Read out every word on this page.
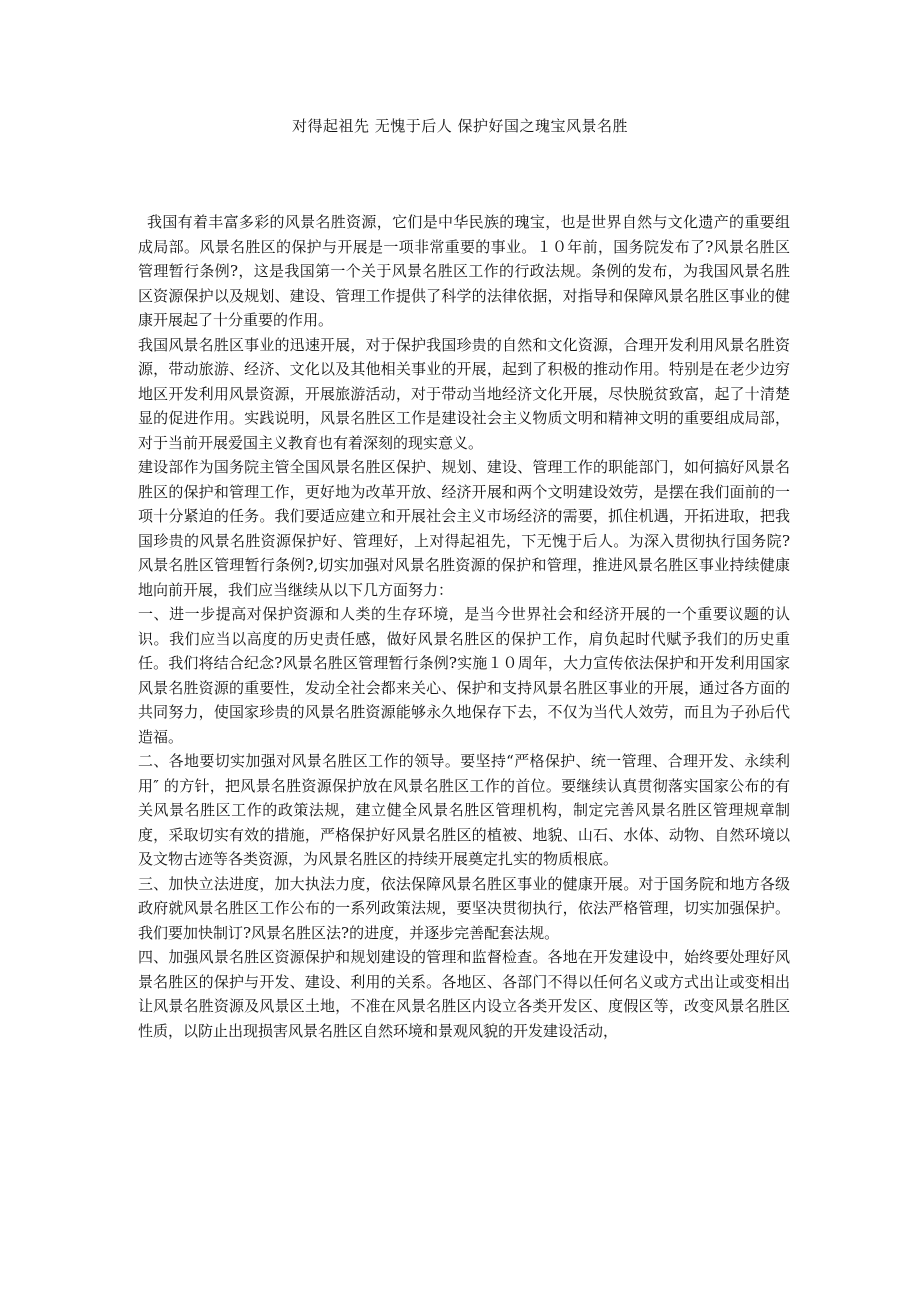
对得起祖先 无愧于后人 保护好国之瑰宝风景名胜

我国有着丰富多彩的风景名胜资源，它们是中华民族的瑰宝，也是世界自然与文化遗产的重要组成局部。风景名胜区的保护与开展是一项非常重要的事业。１０年前，国务院发布了?风景名胜区管理暂行条例?，这是我国第一个关于风景名胜区工作的行政法规。条例的发布，为我国风景名胜区资源保护以及规划、建设、管理工作提供了科学的法律依据，对指导和保障风景名胜区事业的健康开展起了十分重要的作用。

我国风景名胜区事业的迅速开展，对于保护我国珍贵的自然和文化资源，合理开发利用风景名胜资源，带动旅游、经济、文化以及其他相关事业的开展，起到了积极的推动作用。特别是在老少边穷地区开发利用风景资源，开展旅游活动，对于带动当地经济文化开展，尽快脱贫致富，起了十清楚显的促进作用。实践说明，风景名胜区工作是建设社会主义物质文明和精神文明的重要组成局部，对于当前开展爱国主义教育也有着深刻的现实意义。

建设部作为国务院主管全国风景名胜区保护、规划、建设、管理工作的职能部门，如何搞好风景名胜区的保护和管理工作，更好地为改革开放、经济开展和两个文明建设效劳，是摆在我们面前的一项十分紧迫的任务。我们要适应建立和开展社会主义市场经济的需要，抓住机遇，开拓进取，把我国珍贵的风景名胜资源保护好、管理好，上对得起祖先，下无愧于后人。为深入贯彻执行国务院?风景名胜区管理暂行条例?,切实加强对风景名胜资源的保护和管理，推进风景名胜区事业持续健康地向前开展，我们应当继续从以下几方面努力：

一、进一步提高对保护资源和人类的生存环境，是当今世界社会和经济开展的一个重要议题的认识。我们应当以高度的历史责任感，做好风景名胜区的保护工作，肩负起时代赋予我们的历史重任。我们将结合纪念?风景名胜区管理暂行条例?实施１０周年，大力宣传依法保护和开发利用国家风景名胜资源的重要性，发动全社会都来关心、保护和支持风景名胜区事业的开展，通过各方面的共同努力，使国家珍贵的风景名胜资源能够永久地保存下去，不仅为当代人效劳，而且为子孙后代造福。

二、各地要切实加强对风景名胜区工作的领导。要坚持“严格保护、统一管理、合理开发、永续利用″ 的方针，把风景名胜资源保护放在风景名胜区工作的首位。要继续认真贯彻落实国家公布的有关风景名胜区工作的政策法规，建立健全风景名胜区管理机构，制定完善风景名胜区管理规章制度，采取切实有效的措施，严格保护好风景名胜区的植被、地貌、山石、水体、动物、自然环境以及文物古迹等各类资源，为风景名胜区的持续开展奠定扎实的物质根底。

三、加快立法进度，加大执法力度，依法保障风景名胜区事业的健康开展。对于国务院和地方各级政府就风景名胜区工作公布的一系列政策法规，要坚决贯彻执行，依法严格管理，切实加强保护。我们要加快制订?风景名胜区法?的进度，并逐步完善配套法规。

四、加强风景名胜区资源保护和规划建设的管理和监督检查。各地在开发建设中，始终要处理好风景名胜区的保护与开发、建设、利用的关系。各地区、各部门不得以任何名义或方式出让或变相出让风景名胜资源及风景区土地，不准在风景名胜区内设立各类开发区、度假区等，改变风景名胜区性质，以防止出现损害风景名胜区自然环境和景观风貌的开发建设活动，
